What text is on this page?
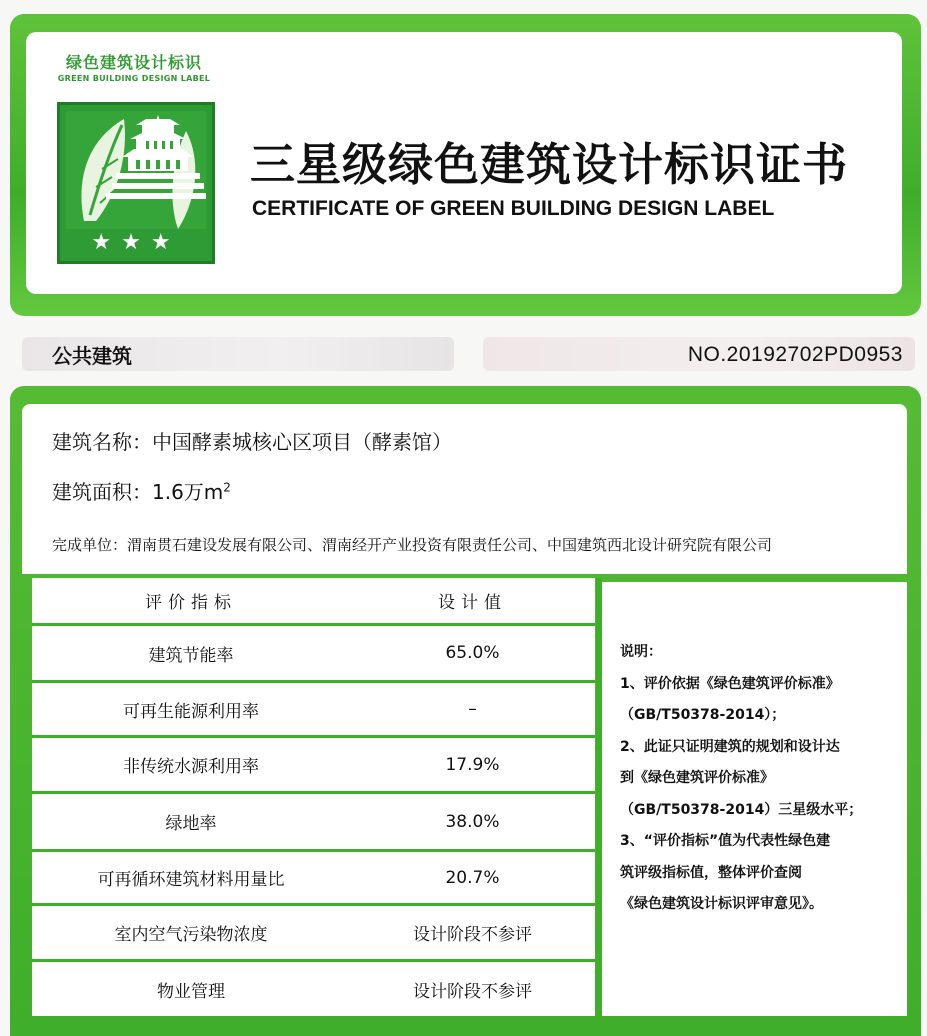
绿色建筑设计标识
GREEN BUILDING DESIGN LABEL
★★★
三星级绿色建筑设计标识证书
CERTIFICATE OF GREEN BUILDING DESIGN LABEL
公共建筑	NO.20192702PD0953
建筑名称：中国酵素城核心区项目（酵素馆）
建筑面积：1.6万$m^2$
完成单位：渭南贯石建设发展有限公司、渭南经开产业投资有限责任公司、中国建筑西北设计研究院有限公司
评价指标	设计值
建筑节能率	65.0%
可再生能源利用率	–
非传统水源利用率	17.9%
绿地率	38.0%
可再循环建筑材料用量比	20.7%
室内空气污染物浓度	设计阶段不参评
物业管理	设计阶段不参评
说明：
1、评价依据《绿色建筑评价标准》
（GB/T50378-2014）；
2、此证只证明建筑的规划和设计达
到《绿色建筑评价标准》
（GB/T50378-2014）三星级水平；
3、“评价指标”值为代表性绿色建
筑评级指标值，整体评价查阅
《绿色建筑设计标识评审意见》。
